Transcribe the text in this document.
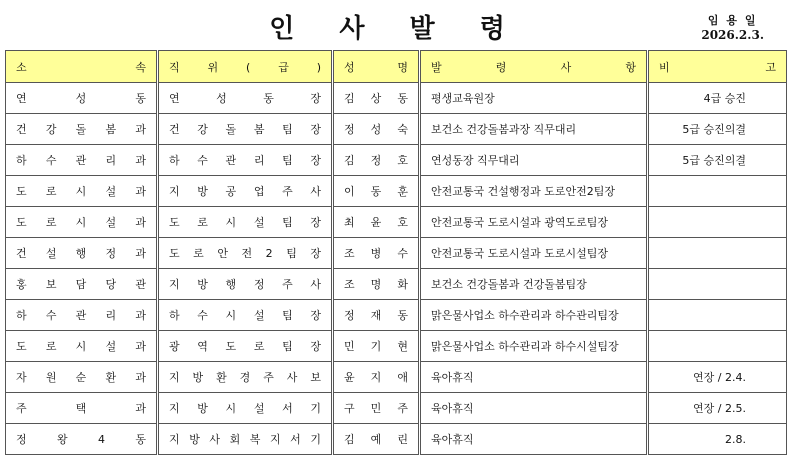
인 사 발 령	임 용 일
2026.2.3.
소 속	직 위 ( 급 )	성 명	발 령 사 항	비 고
연 성 동	연 성 동 장	김 상 동	평생교육원장	4급 승진
건 강 돌 봄 과	건 강 돌 봄 팀 장	정 성 숙	보건소 건강돌봄과장 직무대리	5급 승진의결
하 수 관 리 과	하 수 관 리 팀 장	김 정 호	연성동장 직무대리	5급 승진의결
도 로 시 설 과	지 방 공 업 주 사	이 동 훈	안전교통국 건설행정과 도로안전2팀장	
도 로 시 설 과	도 로 시 설 팀 장	최 윤 호	안전교통국 도로시설과 광역도로팀장	
건 설 행 정 과	도 로 안 전 2 팀 장	조 병 수	안전교통국 도로시설과 도로시설팀장	
홍 보 담 당 관	지 방 행 정 주 사	조 명 화	보건소 건강돌봄과 건강돌봄팀장	
하 수 관 리 과	하 수 시 설 팀 장	정 재 동	맑은물사업소 하수관리과 하수관리팀장	
도 로 시 설 과	광 역 도 로 팀 장	민 기 현	맑은물사업소 하수관리과 하수시설팀장	
자 원 순 환 과	지 방 환 경 주 사 보	윤 지 애	육아휴직	연장 / 2.4.
주 택 과	지 방 시 설 서 기	구 민 주	육아휴직	연장 / 2.5.
정 왕 4 동	지 방 사 회 복 지 서 기	김 예 린	육아휴직	2.8.
